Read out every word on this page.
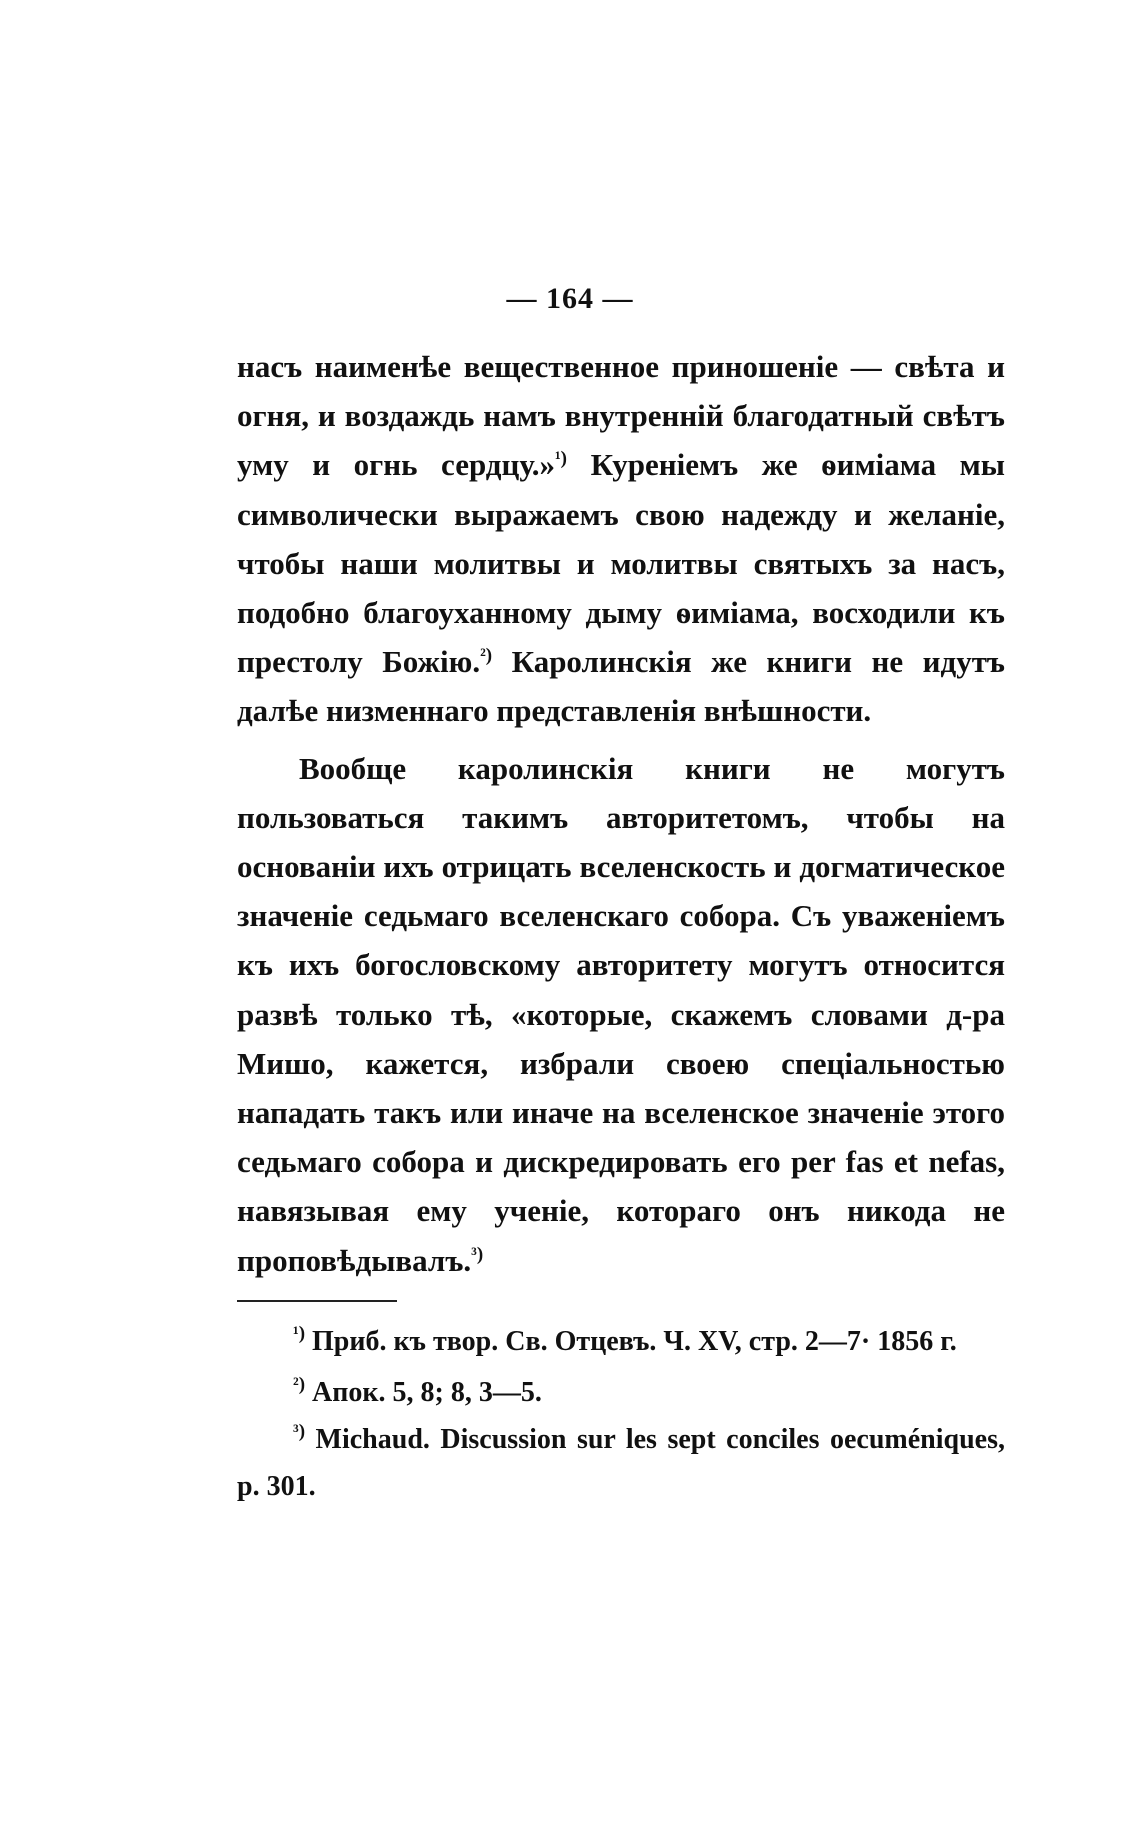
— 164 —

насъ наименѣе вещественное приношеніе — свѣта и огня, и воздаждь намъ внутренній благодатный свѣтъ уму и огнь сердцу.»$^{^1)}$ Куреніемъ же ѳиміама мы символически выражаемъ свою надежду и желаніе, чтобы наши молитвы и молитвы святыхъ за насъ, подобно благоуханному дыму ѳиміама, восходили къ престолу Божію.$^{^2)}$ Каролинскія же книги не идутъ далѣе низменнаго представленія внѣшности.

Вообще каролинскія книги не могутъ пользоваться такимъ авторитетомъ, чтобы на основаніи ихъ отрицать вселенскость и догматическое значеніе седьмаго вселенскаго собора. Съ уваженіемъ къ ихъ богословскому авторитету могутъ относится развѣ только тѣ, «которые, скажемъ словами д-ра Мишо, кажется, избрали своею спеціальностью нападать такъ или иначе на вселенское значеніе этого седьмаго собора и дискредировать его per fas et nefas, навязывая ему ученіе, котораго онъ никода не проповѣдывалъ.$^{^3)}$

$^{^1)}$ Приб. къ твор. Св. Отцевъ. Ч. XV, стр. 2—7· 1856 г.

$^{^2)}$ Апок. 5, 8; 8, 3—5.

$^{^3)}$ Michaud. Discussion sur les sept conciles oecuméniques, p. 301.
